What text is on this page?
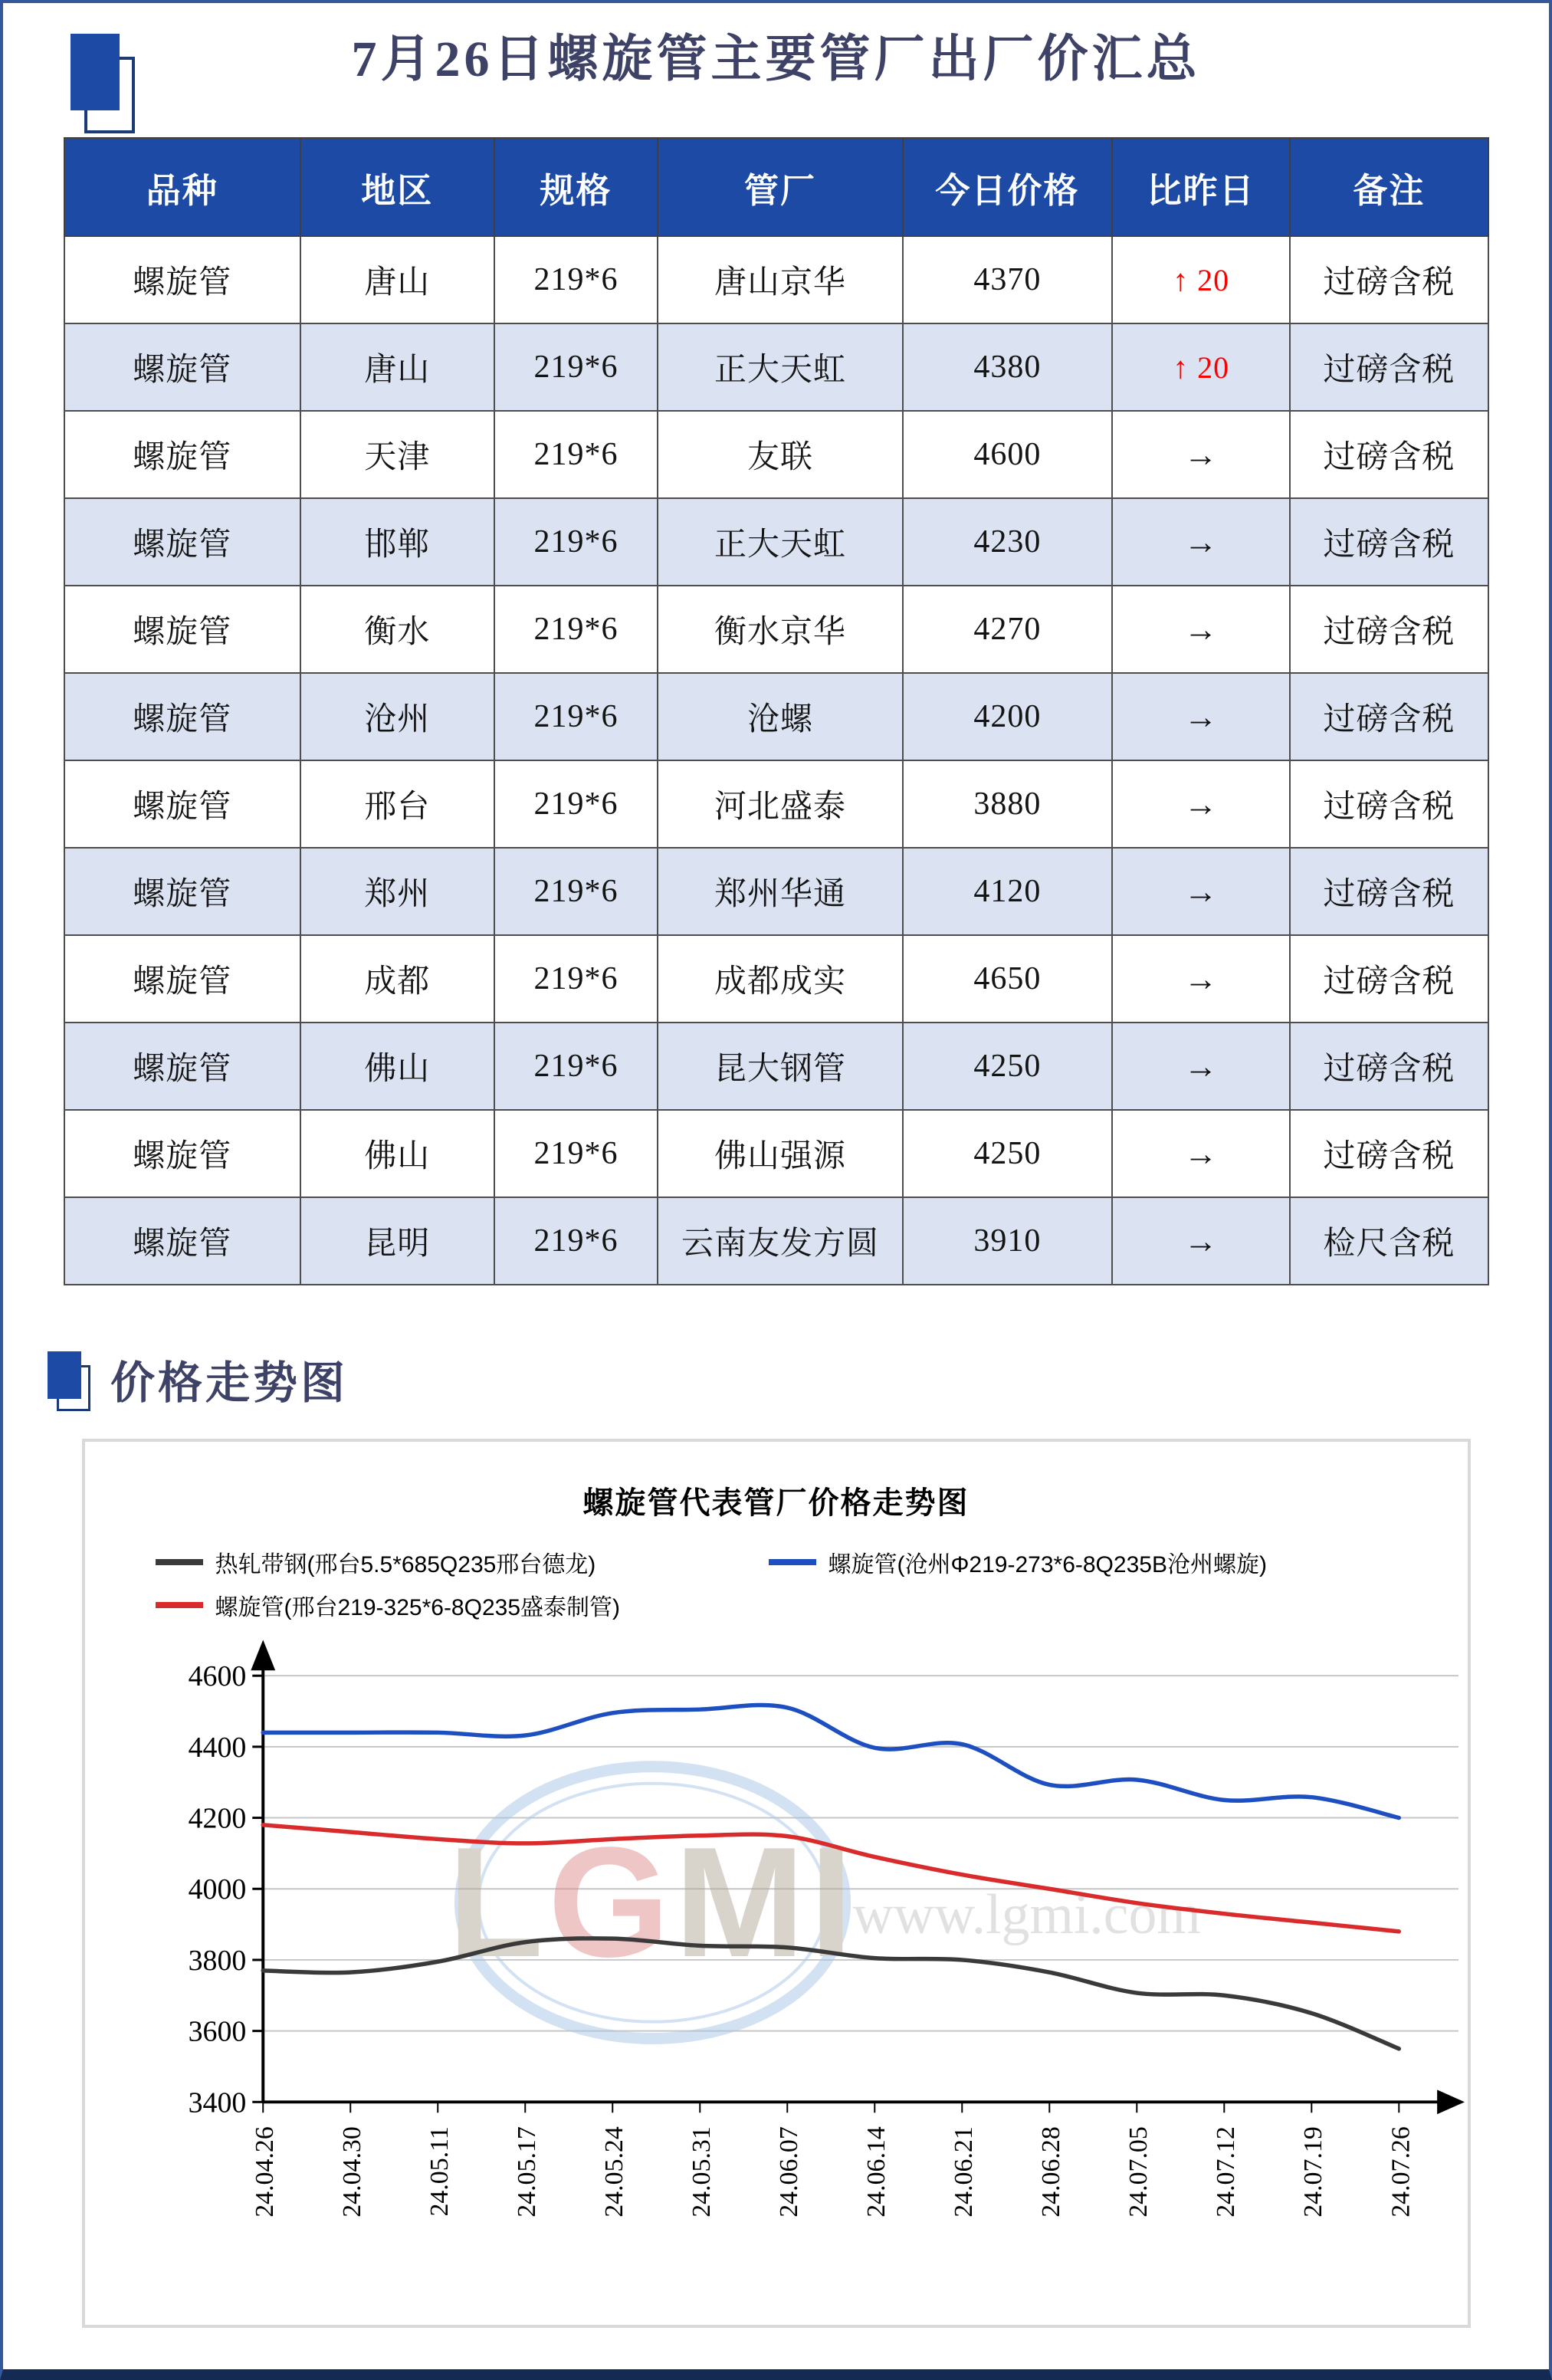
7月26日螺旋管主要管厂出厂价汇总
品种	地区	规格	管厂	今日价格	比昨日	备注
螺旋管	唐山	219*6	唐山京华	4370	↑ 20	过磅含税
螺旋管	唐山	219*6	正大天虹	4380	↑ 20	过磅含税
螺旋管	天津	219*6	友联	4600	→	过磅含税
螺旋管	邯郸	219*6	正大天虹	4230	→	过磅含税
螺旋管	衡水	219*6	衡水京华	4270	→	过磅含税
螺旋管	沧州	219*6	沧螺	4200	→	过磅含税
螺旋管	邢台	219*6	河北盛泰	3880	→	过磅含税
螺旋管	郑州	219*6	郑州华通	4120	→	过磅含税
螺旋管	成都	219*6	成都成实	4650	→	过磅含税
螺旋管	佛山	219*6	昆大钢管	4250	→	过磅含税
螺旋管	佛山	219*6	佛山强源	4250	→	过磅含税
螺旋管	昆明	219*6	云南友发方圆	3910	→	检尺含税
价格走势图
螺旋管代表管厂价格走势图
热轧带钢(邢台5.5*685Q235邢台德龙)	螺旋管(沧州Φ219-273*6-8Q235B沧州螺旋)
螺旋管(邢台219-325*6-8Q235盛泰制管)
LGMI
www.lgmi.com
3400
3600
3800
4000
4200
4400
4600
24.04.26 24.04.30 24.05.11 24.05.17 24.05.24 24.05.31 24.06.07 24.06.14 24.06.21 24.06.28 24.07.05 24.07.12 24.07.19 24.07.26
